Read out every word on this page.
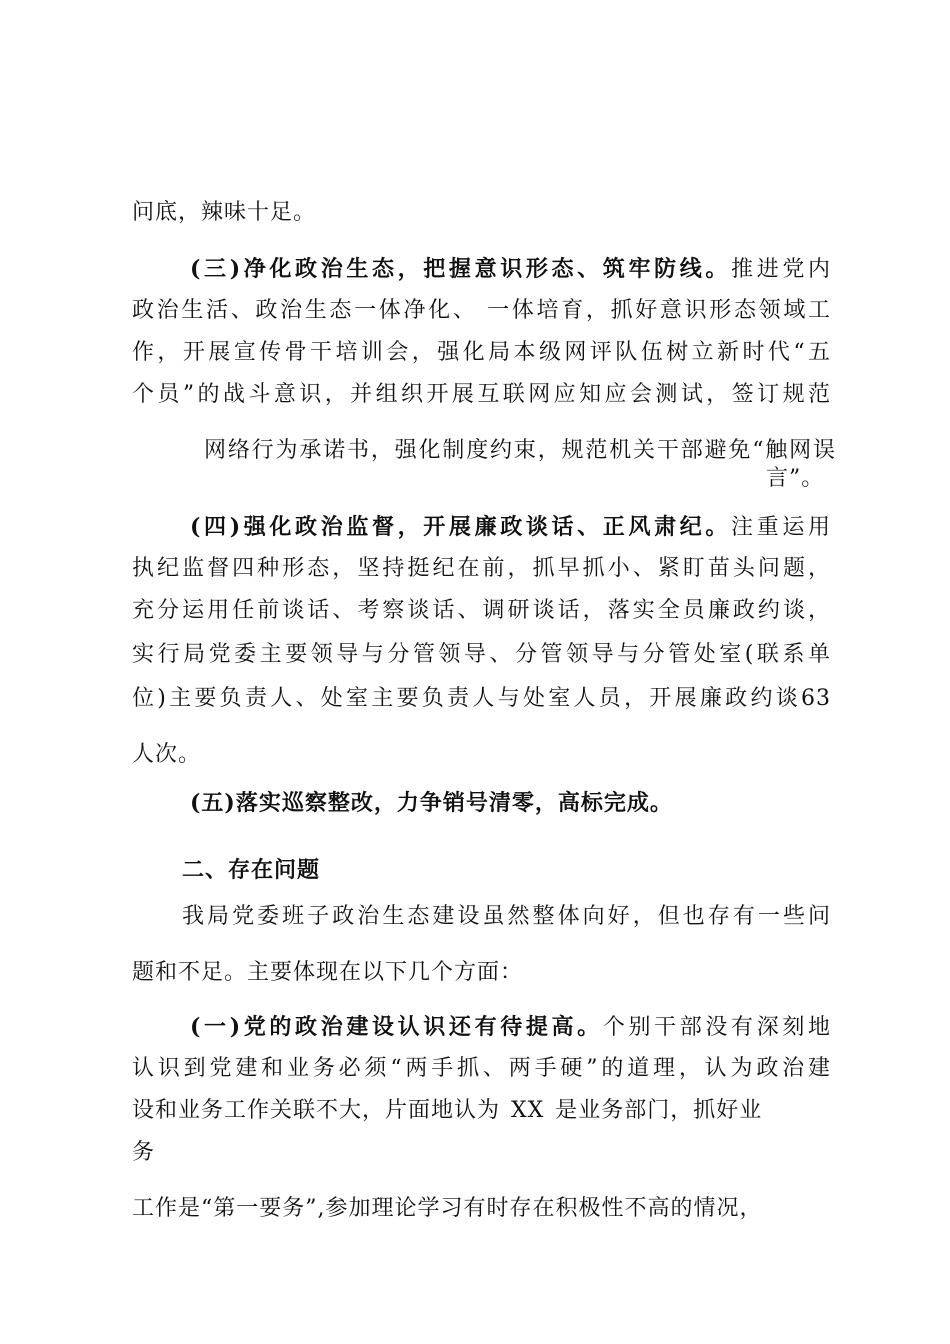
问底，辣味十足。

(三)净化政治生态，把握意识形态、筑牢防线。推进党内

政治生活、政治生态一体净化、 一体培育，抓好意识形态领域工

作，开展宣传骨干培训会，强化局本级网评队伍树立新时代“五

个员”的战斗意识，并组织开展互联网应知应会测试，签订规范

网络行为承诺书，强化制度约束，规范机关干部避免“触网误

言”。

(四)强化政治监督，开展廉政谈话、正风肃纪。注重运用

执纪监督四种形态，坚持挺纪在前，抓早抓小、紧盯苗头问题，

充分运用任前谈话、考察谈话、调研谈话，落实全员廉政约谈，

实行局党委主要领导与分管领导、分管领导与分管处室(联系单

位)主要负责人、处室主要负责人与处室人员，开展廉政约谈63

人次。

(五)落实巡察整改，力争销号清零，高标完成。

二、存在问题

我局党委班子政治生态建设虽然整体向好，但也存有一些问

题和不足。主要体现在以下几个方面：

(一)党的政治建设认识还有待提高。个别干部没有深刻地

认识到党建和业务必须“两手抓、两手硬”的道理，认为政治建

设和业务工作关联不大，片面地认为 XX 是业务部门，抓好业

务

工作是“第一要务”,参加理论学习有时存在积极性不高的情况，
